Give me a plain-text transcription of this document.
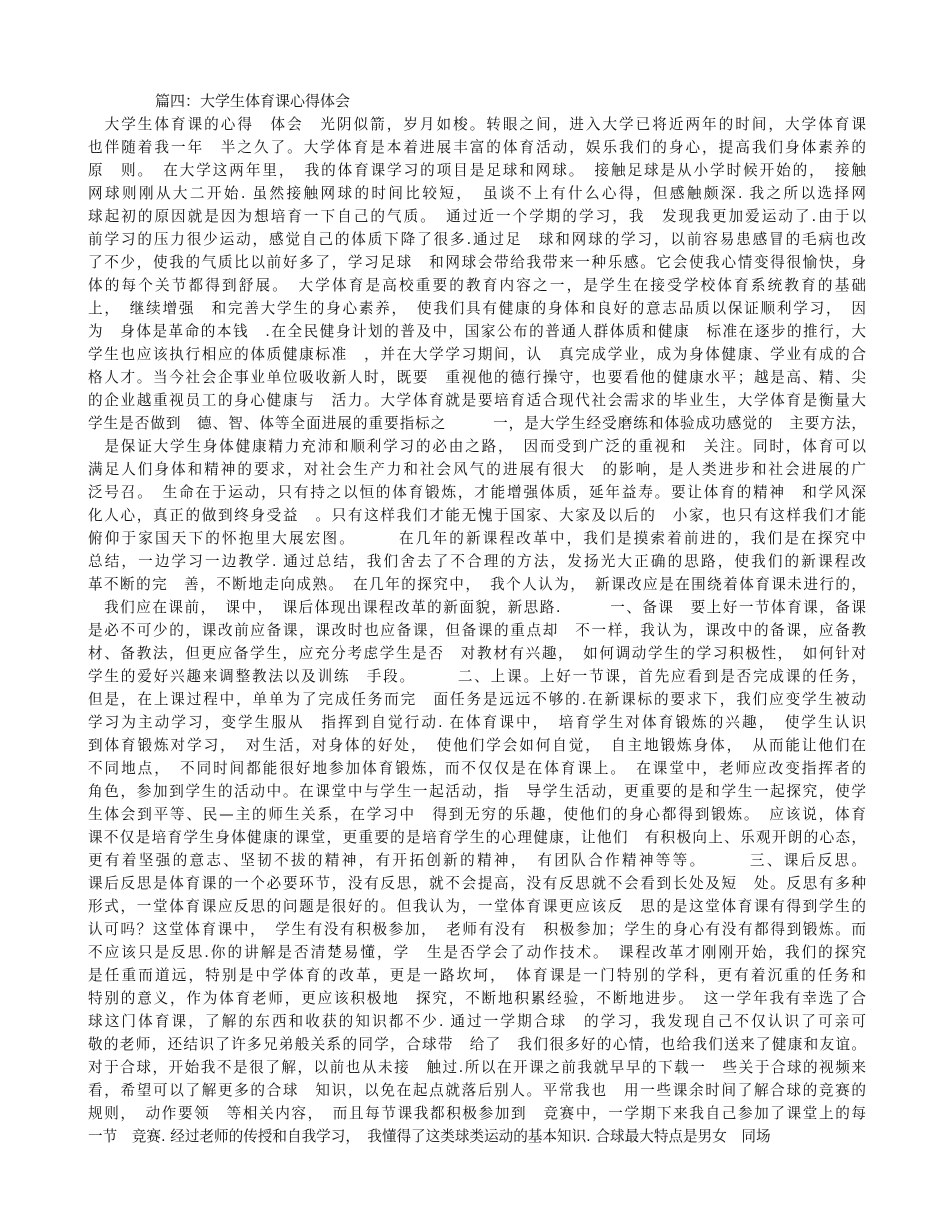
篇四：大学生体育课心得体会
　大学生体育课的心得　体会　光阴似箭，岁月如梭。转眼之间，进入大学已将近两年的时间，大学体育课
也伴随着我一年　半之久了。大学体育是本着进展丰富的体育活动，娱乐我们的身心，提高我们身体素养的
原　则。　在大学这两年里，　我的体育课学习的项目是足球和网球。　接触足球是从小学时候开始的，　接触
网球则刚从大二开始. 虽然接触网球的时间比较短，　虽谈不上有什么心得，但感触颇深. 我之所以选择网
球起初的原因就是因为想培育一下自己的气质。　通过近一个学期的学习，我　发现我更加爱运动了.由于以
前学习的压力很少运动，感觉自己的体质下降了很多.通过足　球和网球的学习，以前容易患感冒的毛病也改
了不少，使我的气质比以前好多了，学习足球　和网球会带给我带来一种乐感。它会使我心情变得很愉快，身
体的每个关节都得到舒展。　大学体育是高校重要的教育内容之一，是学生在接受学校体育系统教育的基础
上，　继续增强　和完善大学生的身心素养，　使我们具有健康的身体和良好的意志品质以保证顺利学习，　因
为　身体是革命的本钱　.在全民健身计划的普及中，国家公布的普通人群体质和健康　标准在逐步的推行，大
学生也应该执行相应的体质健康标准　，并在大学学习期间，认　真完成学业，成为身体健康、学业有成的合
格人才。当今社会企事业单位吸收新人时，既要　重视他的德行操守，也要看他的健康水平；越是高、精、尖
的企业越重视员工的身心健康与　活力。大学体育就是要培育适合现代社会需求的毕业生，大学体育是衡量大
学生是否做到　德、智、体等全面进展的重要指标之　　　一，是大学生经受磨练和体验成功感觉的　主要方法，
　是保证大学生身体健康精力充沛和顺利学习的必由之路，　因而受到广泛的重视和　关注。同时，体育可以
满足人们身体和精神的要求，对社会生产力和社会风气的进展有很大　的影响，是人类进步和社会进展的广
泛号召。　生命在于运动，只有持之以恒的体育锻炼，才能增强体质，延年益寿。要让体育的精神　和学风深
化人心，真正的做到终身受益　。只有这样我们才能无愧于国家、大家及以后的　小家，也只有这样我们才能
俯仰于家国天下的怀抱里大展宏图。　　　在几年的新课程改革中，我们是摸索着前进的，我们是在探究中
总结，一边学习一边教学. 通过总结，我们舍去了不合理的方法，发扬光大正确的思路，使我们的新课程改
革不断的完　善，不断地走向成熟。　在几年的探究中，　我个人认为，　新课改应是在围绕着体育课未进行的，
　我们应在课前，　课中，　课后体现出课程改革的新面貌，新思路.　　　一、备课　要上好一节体育课，备课
是必不可少的，课改前应备课，课改时也应备课，但备课的重点却　不一样，我认为，课改中的备课，应备教
材、备教法，但更应备学生，应充分考虑学生是否　对教材有兴趣，　如何调动学生的学习积极性，　如何针对
学生的爱好兴趣来调整教法以及训练　手段。　　　二、上课。上好一节课，首先应看到是否完成课的任务，
但是，在上课过程中，单单为了完成任务而完　面任务是远远不够的.在新课标的要求下，我们应变学生被动
学习为主动学习，变学生服从　指挥到自觉行动. 在体育课中，　培育学生对体育锻炼的兴趣，　使学生认识
到体育锻炼对学习，　对生活，对身体的好处，　使他们学会如何自觉，　自主地锻炼身体，　从而能让他们在
不同地点，　不同时间都能很好地参加体育锻炼，而不仅仅是在体育课上。　在课堂中，老师应改变指挥者的
角色，参加到学生的活动中。在课堂中与学生一起活动，指　导学生活动，更重要的是和学生一起探究，使学
生体会到平等、民—主的师生关系，在学习中　得到无穷的乐趣，使他们的身心都得到锻炼。　应该说，体育
课不仅是培育学生身体健康的课堂，更重要的是培育学生的心理健康，让他们　有积极向上、乐观开朗的心态，
更有着坚强的意志、坚韧不拔的精神，有开拓创新的精神，　有团队合作精神等等。　　　三、课后反思。
课后反思是体育课的一个必要环节，没有反思，就不会提高，没有反思就不会看到长处及短　处。反思有多种
形式，一堂体育课应反思的问题是很好的。但我认为，一堂体育课更应该反　思的是这堂体育课有得到学生的
认可吗？这堂体育课中，　学生有没有积极参加，　老师有没有　积极参加；学生的身心有没有都得到锻炼。而
不应该只是反思.你的讲解是否清楚易懂，学　生是否学会了动作技术。　课程改革才刚刚开始，我们的探究
是任重而道远，特别是中学体育的改革，更是一路坎坷，　体育课是一门特别的学科，更有着沉重的任务和
特别的意义，作为体育老师，更应该积极地　探究，不断地积累经验，不断地进步。　这一学年我有幸选了合
球这门体育课，了解的东西和收获的知识都不少. 通过一学期合球　的学习，我发现自己不仅认识了可亲可
敬的老师，还结识了许多兄弟般关系的同学，合球带　给了　我们很多好的心情，也给我们送来了健康和友谊。
对于合球，开始我不是很了解，以前也从未接　触过.所以在开课之前我就早早的下载一　些关于合球的视频来
看，希望可以了解更多的合球　知识，以免在起点就落后别人。平常我也　用一些课余时间了解合球的竞赛的
规则，　动作要领　等相关内容，　而且每节课我都积极参加到　竞赛中，一学期下来我自己参加了课堂上的每
一节　竞赛. 经过老师的传授和自我学习，　我懂得了这类球类运动的基本知识. 合球最大特点是男女　同场
